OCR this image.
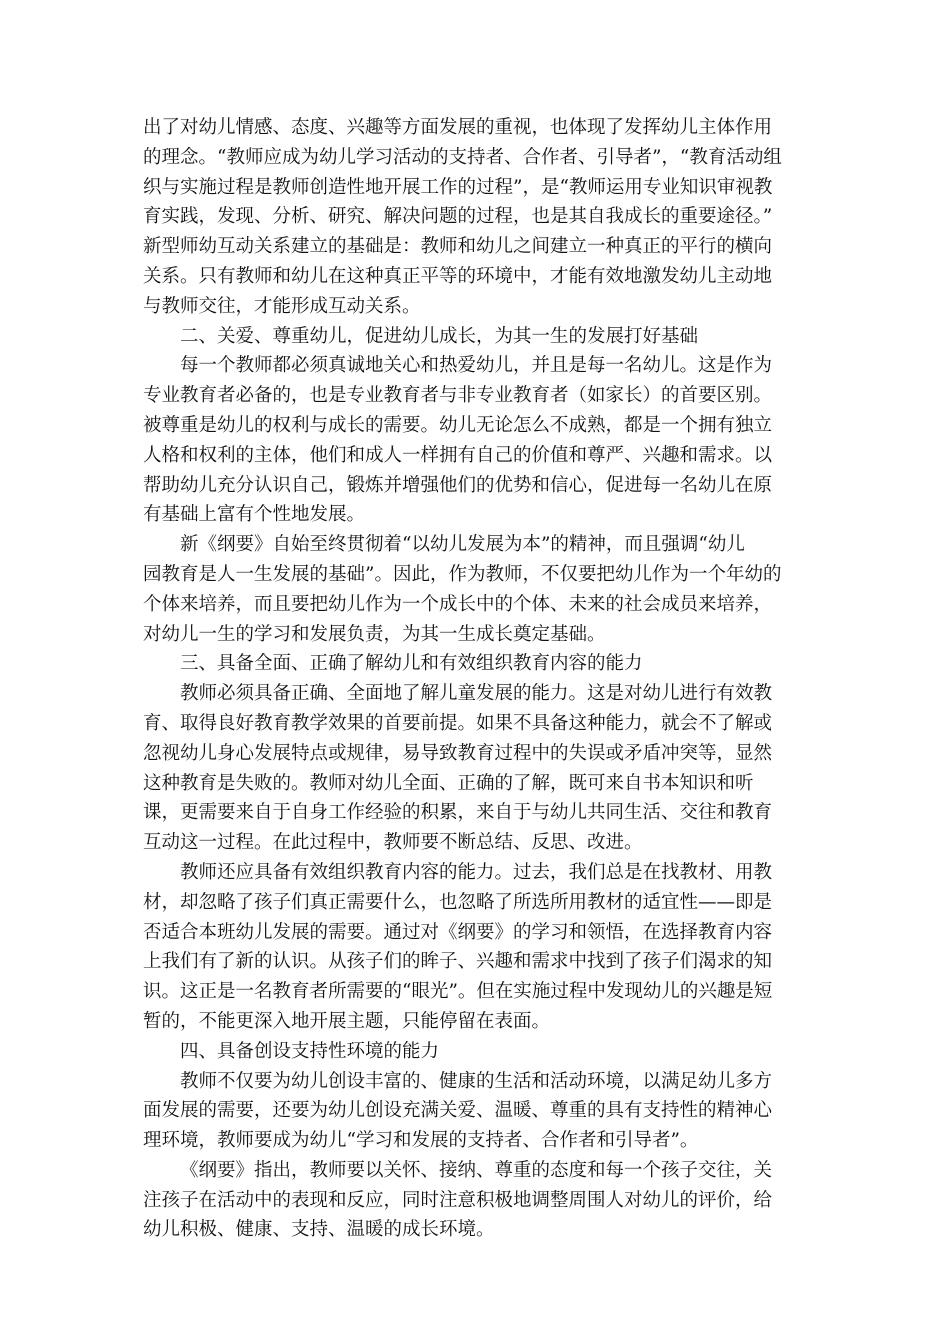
出了对幼儿情感、态度、兴趣等方面发展的重视，也体现了发挥幼儿主体作用
的理念。“教师应成为幼儿学习活动的支持者、合作者、引导者”，“教育活动组
织与实施过程是教师创造性地开展工作的过程”，是“教师运用专业知识审视教
育实践，发现、分析、研究、解决问题的过程，也是其自我成长的重要途径。”
新型师幼互动关系建立的基础是：教师和幼儿之间建立一种真正的平行的横向
关系。只有教师和幼儿在这种真正平等的环境中，才能有效地激发幼儿主动地
与教师交往，才能形成互动关系。
二、关爱、尊重幼儿，促进幼儿成长，为其一生的发展打好基础
每一个教师都必须真诚地关心和热爱幼儿，并且是每一名幼儿。这是作为
专业教育者必备的，也是专业教育者与非专业教育者（如家长）的首要区别。
被尊重是幼儿的权利与成长的需要。幼儿无论怎么不成熟，都是一个拥有独立
人格和权利的主体，他们和成人一样拥有自己的价值和尊严、兴趣和需求。以
帮助幼儿充分认识自己，锻炼并增强他们的优势和信心，促进每一名幼儿在原
有基础上富有个性地发展。
新《纲要》自始至终贯彻着“以幼儿发展为本”的精神，而且强调“幼儿
园教育是人一生发展的基础”。因此，作为教师，不仅要把幼儿作为一个年幼的
个体来培养，而且要把幼儿作为一个成长中的个体、未来的社会成员来培养，
对幼儿一生的学习和发展负责，为其一生成长奠定基础。
三、具备全面、正确了解幼儿和有效组织教育内容的能力
教师必须具备正确、全面地了解儿童发展的能力。这是对幼儿进行有效教
育、取得良好教育教学效果的首要前提。如果不具备这种能力，就会不了解或
忽视幼儿身心发展特点或规律，易导致教育过程中的失误或矛盾冲突等，显然
这种教育是失败的。教师对幼儿全面、正确的了解，既可来自书本知识和听
课，更需要来自于自身工作经验的积累，来自于与幼儿共同生活、交往和教育
互动这一过程。在此过程中，教师要不断总结、反思、改进。
教师还应具备有效组织教育内容的能力。过去，我们总是在找教材、用教
材，却忽略了孩子们真正需要什么，也忽略了所选所用教材的适宜性——即是
否适合本班幼儿发展的需要。通过对《纲要》的学习和领悟，在选择教育内容
上我们有了新的认识。从孩子们的眸子、兴趣和需求中找到了孩子们渴求的知
识。这正是一名教育者所需要的“眼光”。但在实施过程中发现幼儿的兴趣是短
暂的，不能更深入地开展主题，只能停留在表面。
四、具备创设支持性环境的能力
教师不仅要为幼儿创设丰富的、健康的生活和活动环境，以满足幼儿多方
面发展的需要，还要为幼儿创设充满关爱、温暖、尊重的具有支持性的精神心
理环境，教师要成为幼儿“学习和发展的支持者、合作者和引导者”。
《纲要》指出，教师要以关怀、接纳、尊重的态度和每一个孩子交往，关
注孩子在活动中的表现和反应，同时注意积极地调整周围人对幼儿的评价，给
幼儿积极、健康、支持、温暖的成长环境。
